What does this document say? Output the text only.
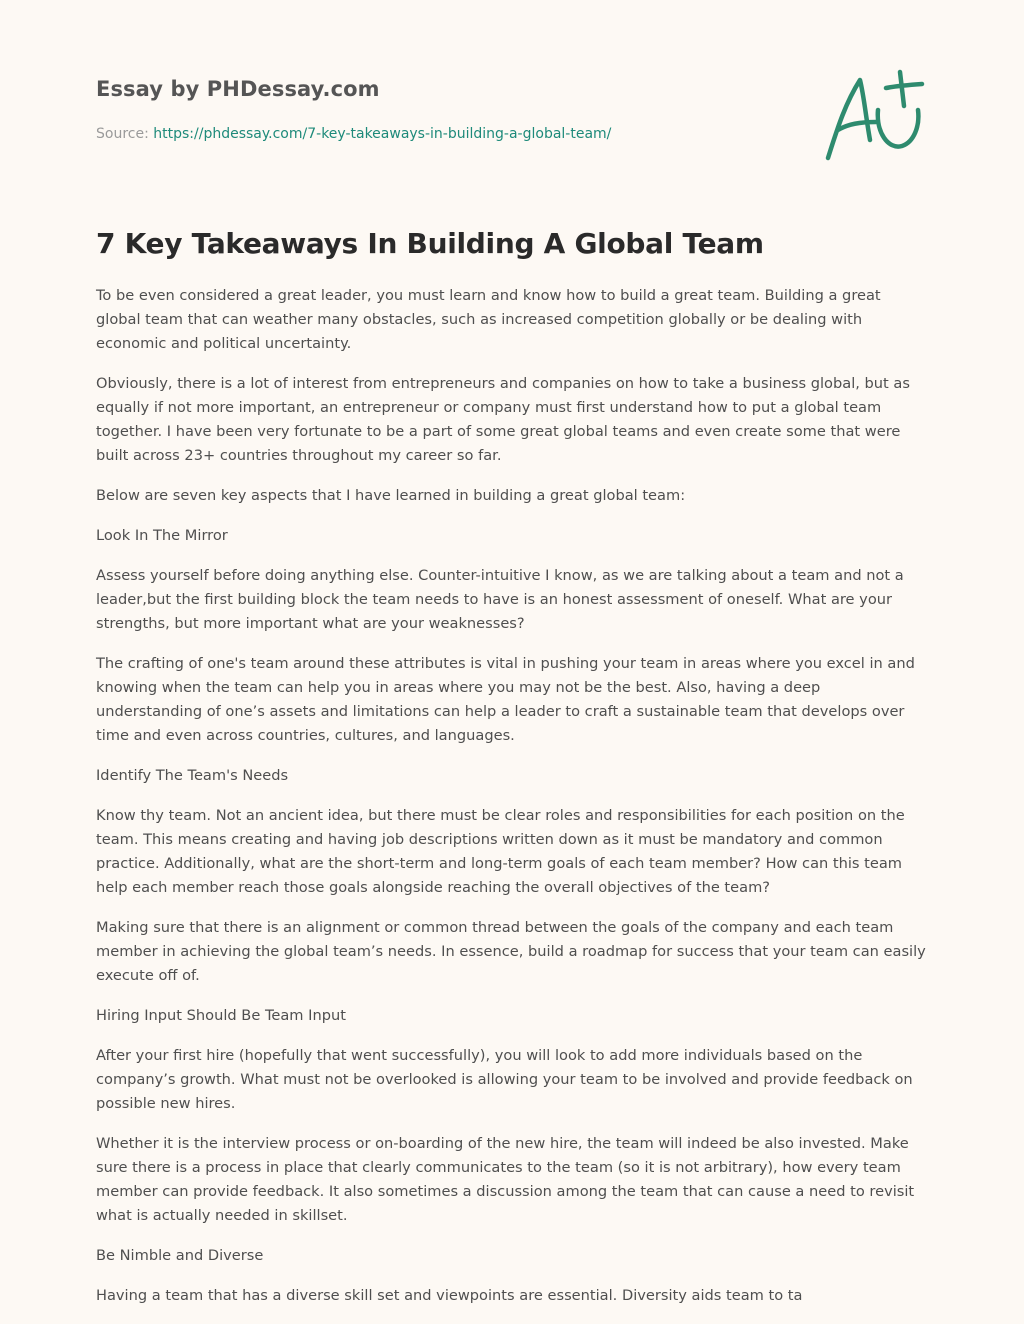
Essay by PHDessay.com
Source: https://phdessay.com/7-key-takeaways-in-building-a-global-team/
7 Key Takeaways In Building A Global Team

To be even considered a great leader, you must learn and know how to build a great team. Building a great global team that can weather many obstacles, such as increased competition globally or be dealing with economic and political uncertainty.

Obviously, there is a lot of interest from entrepreneurs and companies on how to take a business global, but as equally if not more important, an entrepreneur or company must first understand how to put a global team together. I have been very fortunate to be a part of some great global teams and even create some that were built across 23+ countries throughout my career so far.

Below are seven key aspects that I have learned in building a great global team:

Look In The Mirror

Assess yourself before doing anything else. Counter-intuitive I know, as we are talking about a team and not a leader,but the first building block the team needs to have is an honest assessment of oneself. What are your strengths, but more important what are your weaknesses?

The crafting of one's team around these attributes is vital in pushing your team in areas where you excel in and knowing when the team can help you in areas where you may not be the best. Also, having a deep understanding of one’s assets and limitations can help a leader to craft a sustainable team that develops over time and even across countries, cultures, and languages.

Identify The Team's Needs

Know thy team. Not an ancient idea, but there must be clear roles and responsibilities for each position on the team. This means creating and having job descriptions written down as it must be mandatory and common practice. Additionally, what are the short-term and long-term goals of each team member? How can this team help each member reach those goals alongside reaching the overall objectives of the team?

Making sure that there is an alignment or common thread between the goals of the company and each team member in achieving the global team’s needs. In essence, build a roadmap for success that your team can easily execute off of.

Hiring Input Should Be Team Input

After your first hire (hopefully that went successfully), you will look to add more individuals based on the company’s growth. What must not be overlooked is allowing your team to be involved and provide feedback on possible new hires.

Whether it is the interview process or on-boarding of the new hire, the team will indeed be also invested. Make sure there is a process in place that clearly communicates to the team (so it is not arbitrary), how every team member can provide feedback. It also sometimes a discussion among the team that can cause a need to revisit what is actually needed in skillset.

Be Nimble and Diverse

Having a team that has a diverse skill set and viewpoints are essential. Diversity aids team to ta
